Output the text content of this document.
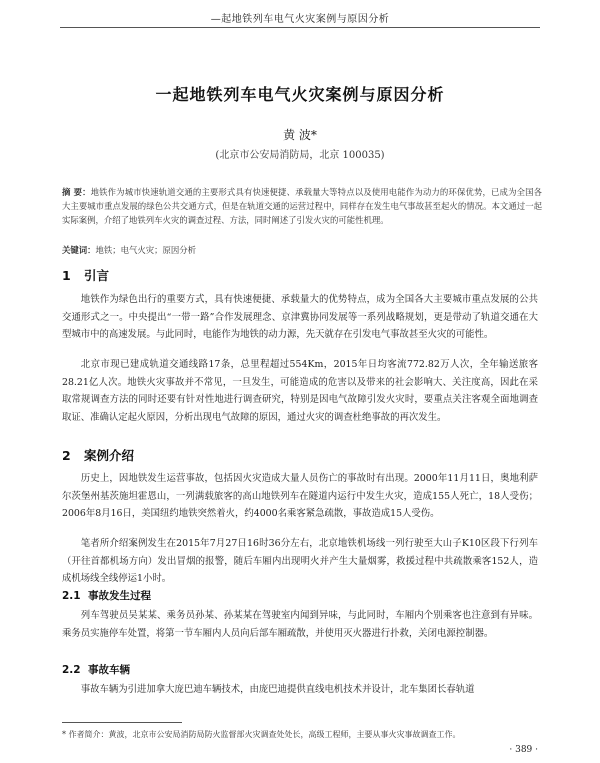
—起地铁列车电气火灾案例与原因分析
一起地铁列车电气火灾案例与原因分析
黄 波*
(北京市公安局消防局，北京 100035)
摘 要：地铁作为城市快速轨道交通的主要形式具有快速便捷、承载量大等特点以及使用电能作为动力的环保优势，已成为全国各大主要城市重点发展的绿色公共交通方式，但是在轨道交通的运营过程中，同样存在发生电气事故甚至起火的情况。本文通过一起实际案例，介绍了地铁列车火灾的调查过程、方法，同时阐述了引发火灾的可能性机理。
关键词：地铁；电气火灾；原因分析
1 引言
地铁作为绿色出行的重要方式，具有快速便捷、承载量大的优势特点，成为全国各大主要城市重点发展的公共交通形式之一。中央提出“一带一路”合作发展理念、京津冀协同发展等一系列战略规划，更是带动了轨道交通在大型城市中的高速发展。与此同时，电能作为地铁的动力源，先天就存在引发电气事故甚至火灾的可能性。
北京市现已建成轨道交通线路17条，总里程超过554Km，2015年日均客流772.82万人次，全年输送旅客28.21亿人次。地铁火灾事故并不常见，一旦发生，可能造成的危害以及带来的社会影响大、关注度高，因此在采取常规调查方法的同时还要有针对性地进行调查研究，特别是因电气故障引发火灾时，要重点关注客观全面地调查取证、准确认定起火原因，分析出现电气故障的原因，通过火灾的调查杜绝事故的再次发生。
2 案例介绍
历史上，因地铁发生运营事故，包括因火灾造成大量人员伤亡的事故时有出现。2000年11月11日，奥地利萨尔茨堡州基茨施坦霍恩山，一列满载旅客的高山地铁列车在隧道内运行中发生火灾，造成155人死亡，18人受伤；2006年8月16日，美国纽约地铁突然着火，约4000名乘客紧急疏散，事故造成15人受伤。
笔者所介绍案例发生在2015年7月27日16时36分左右，北京地铁机场线一列行驶至大山子K10区段下行列车（开往首都机场方向）发出冒烟的报警，随后车厢内出现明火并产生大量烟雾，救援过程中共疏散乘客152人，造成机场线全线停运1小时。
2.1 事故发生过程
列车驾驶员吴某某、乘务员孙某、孙某某在驾驶室内闻到异味，与此同时，车厢内个别乘客也注意到有异味。乘务员实施停车处置，将第一节车厢内人员向后部车厢疏散，并使用灭火器进行扑救，关闭电源控制器。
2.2 事故车辆
事故车辆为引进加拿大庞巴迪车辆技术，由庞巴迪提供直线电机技术并设计，北车集团长春轨道
* 作者简介：黄波，北京市公安局消防局防火监督部火灾调查处处长，高级工程师，主要从事火灾事故调查工作。
· 389 ·
